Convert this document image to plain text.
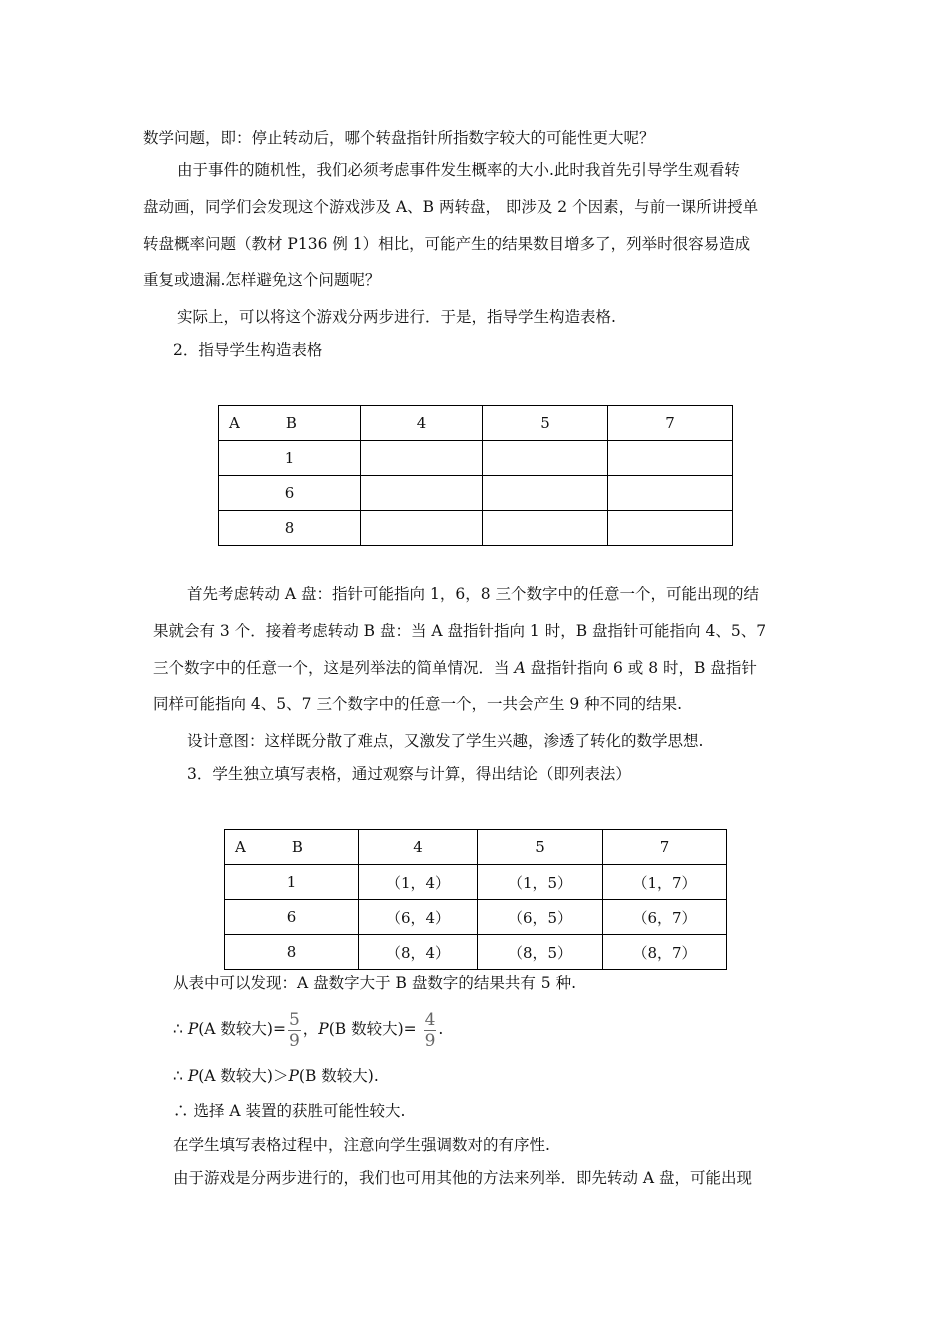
数学问题，即：停止转动后，哪个转盘指针所指数字较大的可能性更大呢？
由于事件的随机性，我们必须考虑事件发生概率的大小.此时我首先引导学生观看转
盘动画，同学们会发现这个游戏涉及 A、B 两转盘， 即涉及 2 个因素，与前一课所讲授单
转盘概率问题（教材 P136 例 1）相比，可能产生的结果数目增多了，列举时很容易造成
重复或遗漏.怎样避免这个问题呢？
实际上，可以将这个游戏分两步进行．于是，指导学生构造表格.
2．指导学生构造表格
A B	4	5	7
1			
6			
8			
首先考虑转动 A 盘：指针可能指向 1，6，8 三个数字中的任意一个，可能出现的结
果就会有 3 个．接着考虑转动 B 盘：当 A 盘指针指向 1 时，B 盘指针可能指向 4、5、7
三个数字中的任意一个，这是列举法的简单情况．当 A 盘指针指向 6 或 8 时，B 盘指针
同样可能指向 4、5、7 三个数字中的任意一个，一共会产生 9 种不同的结果.
设计意图：这样既分散了难点，又激发了学生兴趣，渗透了转化的数学思想.
3．学生独立填写表格，通过观察与计算，得出结论（即列表法）
A B	4	5	7
1	（1，4）	（1，5）	（1，7）
6	（6，4）	（6，5）	（6，7）
8	（8，4）	（8，5）	（8，7）
从表中可以发现：A 盘数字大于 B 盘数字的结果共有 5 种.
∴ P(A 数较大)= $\frac{5}{9}$ ，P(B 数较大)= $\frac{4}{9}$ .
∴ P(A 数较大)＞P(B 数较大).
∴ 选择 A 装置的获胜可能性较大.
在学生填写表格过程中，注意向学生强调数对的有序性.
由于游戏是分两步进行的，我们也可用其他的方法来列举．即先转动 A 盘，可能出现
